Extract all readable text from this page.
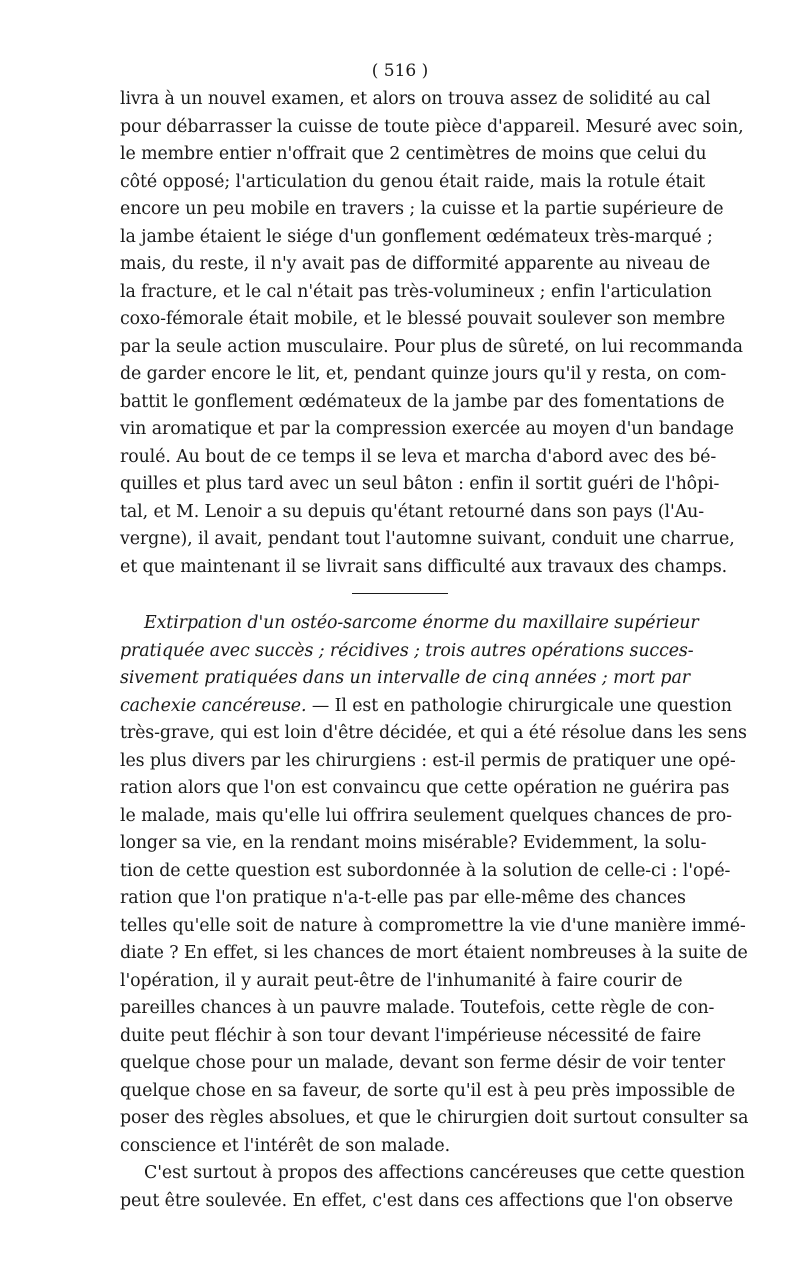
( 516 )
livra à un nouvel examen, et alors on trouva assez de solidité au cal
pour débarrasser la cuisse de toute pièce d'appareil. Mesuré avec soin,
le membre entier n'offrait que 2 centimètres de moins que celui du
côté opposé; l'articulation du genou était raide, mais la rotule était
encore un peu mobile en travers ; la cuisse et la partie supérieure de
la jambe étaient le siége d'un gonflement œdémateux très-marqué ;
mais, du reste, il n'y avait pas de difformité apparente au niveau de
la fracture, et le cal n'était pas très-volumineux ; enfin l'articulation
coxo-fémorale était mobile, et le blessé pouvait soulever son membre
par la seule action musculaire. Pour plus de sûreté, on lui recommanda
de garder encore le lit, et, pendant quinze jours qu'il y resta, on com-
battit le gonflement œdémateux de la jambe par des fomentations de
vin aromatique et par la compression exercée au moyen d'un bandage
roulé. Au bout de ce temps il se leva et marcha d'abord avec des bé-
quilles et plus tard avec un seul bâton : enfin il sortit guéri de l'hôpi-
tal, et M. Lenoir a su depuis qu'étant retourné dans son pays (l'Au-
vergne), il avait, pendant tout l'automne suivant, conduit une charrue,
et que maintenant il se livrait sans difficulté aux travaux des champs.
Extirpation d'un ostéo-sarcome énorme du maxillaire supérieur
pratiquée avec succès ; récidives ; trois autres opérations succes-
sivement pratiquées dans un intervalle de cinq années ; mort par
cachexie cancéreuse. — Il est en pathologie chirurgicale une question
très-grave, qui est loin d'être décidée, et qui a été résolue dans les sens
les plus divers par les chirurgiens : est-il permis de pratiquer une opé-
ration alors que l'on est convaincu que cette opération ne guérira pas
le malade, mais qu'elle lui offrira seulement quelques chances de pro-
longer sa vie, en la rendant moins misérable? Evidemment, la solu-
tion de cette question est subordonnée à la solution de celle-ci : l'opé-
ration que l'on pratique n'a-t-elle pas par elle-même des chances
telles qu'elle soit de nature à compromettre la vie d'une manière immé-
diate ? En effet, si les chances de mort étaient nombreuses à la suite de
l'opération, il y aurait peut-être de l'inhumanité à faire courir de
pareilles chances à un pauvre malade. Toutefois, cette règle de con-
duite peut fléchir à son tour devant l'impérieuse nécessité de faire
quelque chose pour un malade, devant son ferme désir de voir tenter
quelque chose en sa faveur, de sorte qu'il est à peu près impossible de
poser des règles absolues, et que le chirurgien doit surtout consulter sa
conscience et l'intérêt de son malade.
C'est surtout à propos des affections cancéreuses que cette question
peut être soulevée. En effet, c'est dans ces affections que l'on observe
